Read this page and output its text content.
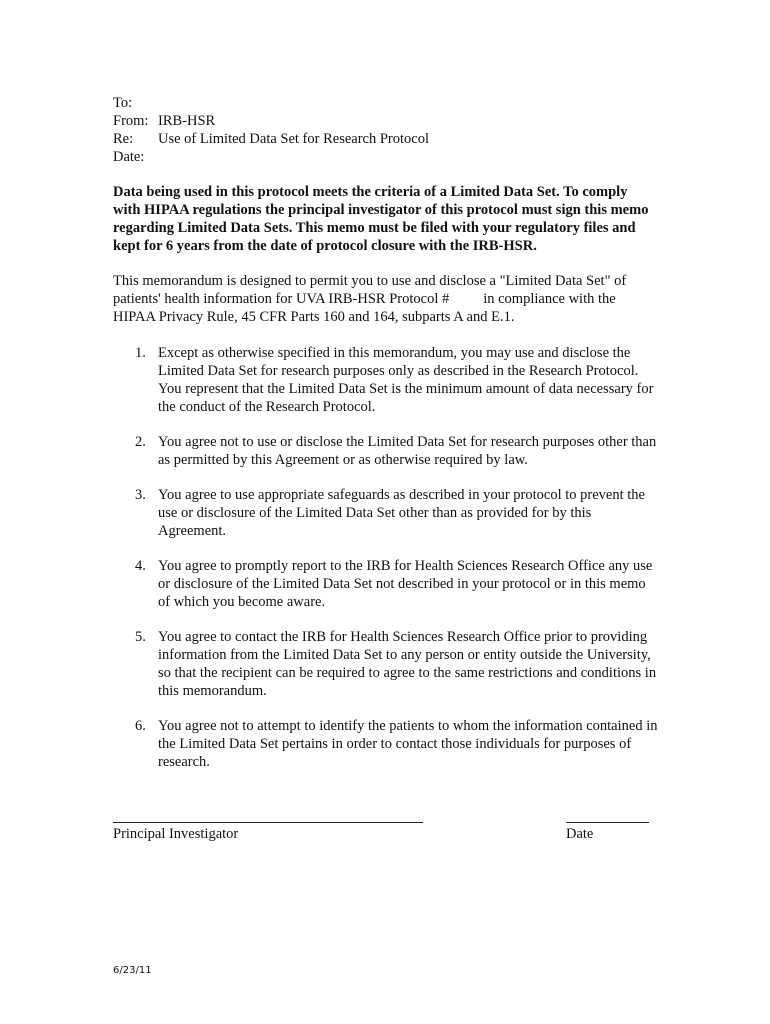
To:
From: IRB-HSR
Re:	Use of Limited Data Set for Research Protocol
Date:
Data being used in this protocol meets the criteria of a Limited Data Set. To comply with HIPAA regulations the principal investigator of this protocol must sign this memo regarding Limited Data Sets. This memo must be filed with your regulatory files and kept for 6 years from the date of protocol closure with the IRB-HSR.
This memorandum is designed to permit you to use and disclose a "Limited Data Set" of patients' health information for UVA IRB-HSR Protocol # in compliance with the HIPAA Privacy Rule, 45 CFR Parts 160 and 164, subparts A and E.1.
1. Except as otherwise specified in this memorandum, you may use and disclose the Limited Data Set for research purposes only as described in the Research Protocol. You represent that the Limited Data Set is the minimum amount of data necessary for the conduct of the Research Protocol.
2. You agree not to use or disclose the Limited Data Set for research purposes other than as permitted by this Agreement or as otherwise required by law.
3. You agree to use appropriate safeguards as described in your protocol to prevent the use or disclosure of the Limited Data Set other than as provided for by this Agreement.
4. You agree to promptly report to the IRB for Health Sciences Research Office any use or disclosure of the Limited Data Set not described in your protocol or in this memo of which you become aware.
5. You agree to contact the IRB for Health Sciences Research Office prior to providing information from the Limited Data Set to any person or entity outside the University, so that the recipient can be required to agree to the same restrictions and conditions in this memorandum.
6. You agree not to attempt to identify the patients to whom the information contained in the Limited Data Set pertains in order to contact those individuals for purposes of research.
Principal Investigator	Date
6/23/11
